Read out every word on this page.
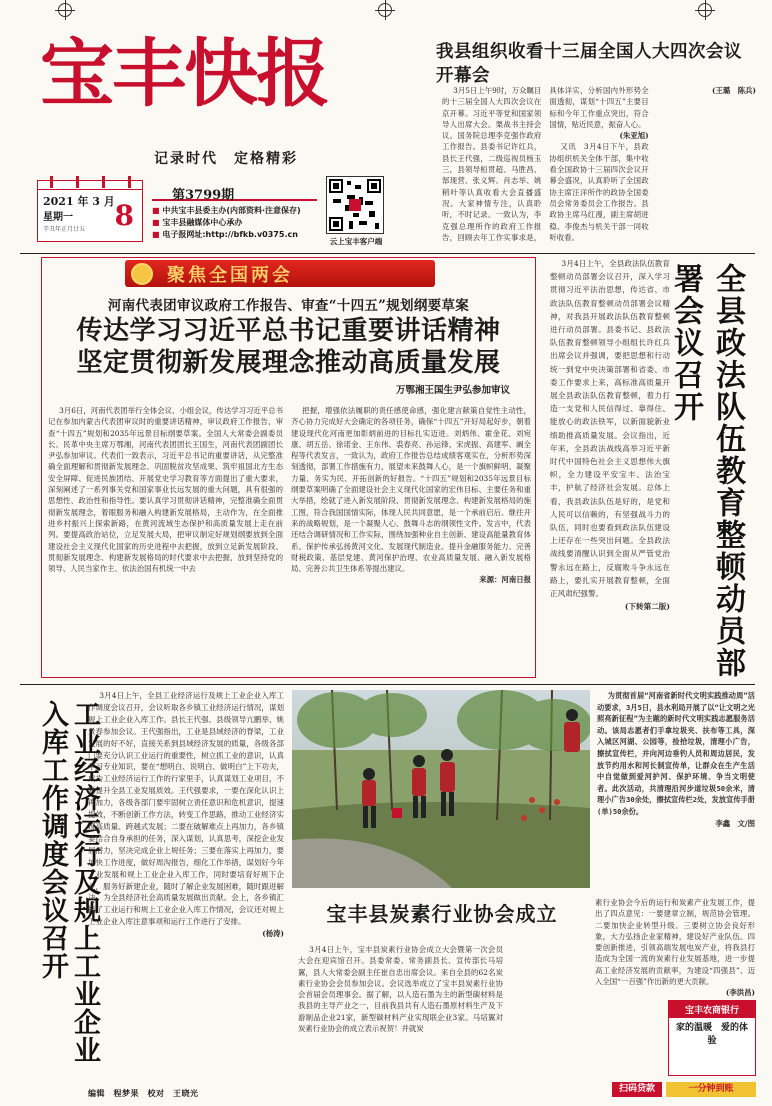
宝丰快报
记录时代　定格精彩
2021 年 3 月
星期一
辛丑年正月廿五 8
第3799期
■ 中共宝丰县委主办(内部资料·注意保存)
■ 宝丰县融媒体中心承办
■ 电子报网址:http://bfkb.v0375.cn
云上宝丰客户端
我县组织收看十三届全国人大四次会议开幕会

3月5日上午9时，万众瞩目的十三届全国人大四次会议在京开幕。习近平等党和国家领导人出席大会。栗战书主持会议。国务院总理李克强作政府工作报告。县委书记许红兵，县长王代强，二级巡视员杨玉三，县领导桓贯超、马胜昌、郜现营、张义辉、肖志举、姚稍叶等认真收看大会直播盛况。大家神情专注，认真聆听，不时记录。一致认为，李克强总理所作的政府工作报告，回顾去年工作实事求是，具体详实，分析国内外形势全面透彻，谋划“十四五”主要目标和今年工作重点突出，符合国情，贴近民意，振奋人心。

(朱亚旭)

又讯　3月4日下午，县政协组织机关全体干部，集中收看全国政协十三届四次会议开幕会盛况，认真聆听了全国政协主席汪洋所作的政协全国委员会常务委员会工作报告。县政协主席马红漫，副主席胡进稳、李俊杰与机关干部一同收听收看。

(王璐　陈兵)

聚焦全国两会
河南代表团审议政府工作报告、审查“十四五”规划纲要草案
传达学习习近平总书记重要讲话精神
坚定贯彻新发展理念推动高质量发展
万鄂湘王国生尹弘参加审议

3月6日，河南代表团举行全体会议、小组会议，传达学习习近平总书记在参加内蒙古代表团审议时的重要讲话精神，审议政府工作报告，审查“十四五”规划和2035年远景目标纲要草案。全国人大常委会副委员长、民革中央主席万鄂湘，河南代表团团长王国生，河南代表团副团长尹弘参加审议。代表们一致表示，习近平总书记的重要讲话，从完整准确全面理解和贯彻新发展理念、巩固脱贫攻坚成果、筑牢祖国北方生态安全屏障、促进民族团结、开展党史学习教育等方面提出了重大要求，深刻阐述了一系列事关党和国家事业长远发展的重大问题，具有很强的思想性、政治性和指导性。要认真学习贯彻讲话精神，完整准确全面贯彻新发展理念，着眼服务和融入构建新发展格局，主动作为，在全面推进乡村振兴上探索新路，在黄河流域生态保护和高质量发展上走在前列。要提高政治站位，立足发展大局，把审议制定好规划纲要放到全面建设社会主义现代化国家的历史进程中去把握，放到立足新发展阶段、贯彻新发展理念、构建新发展格局的时代要求中去把握，放到坚持党的领导、人民当家作主、依法治国有机统一中去

把握，增强依法履职的责任感使命感，强化建言献策自觉性主动性，齐心协力完成好大会确定的各项任务，确保“十四五”开好局起好步，朝着建设现代化河南更加彰炳前进的目标扎实迈进。刘炳伟、霍金花、刘宛康、胡五岳、徐诺金、王东伟、裘春亮、孙运锋、宋虎振、高建军、阚全程等代表发言，一致认为，政府工作报告总结成绩客观实在，分析形势深刻透彻，部署工作措施有力，展望未来鼓舞人心，是一个旗帜鲜明、凝聚力量、务实为民、开拓创新的好报告。“十四五”规划和2035年远景目标纲要草案明确了全面建设社会主义现代化国家的宏伟目标、主要任务和重大举措，绘就了进入新发展阶段、贯彻新发展理念、构建新发展格局的施工图，符合我国国情实际，体现人民共同意愿，是一个承前启后、继往开来的战略规划，是一个凝聚人心、鼓舞斗志的纲领性文件。发言中，代表还结合调研情况和工作实际，围绕加强种业自主创新、建设高能量教育体系、保护传承弘扬黄河文化、发展现代制造业、提升金融服务能力、完善财税政策、基层党建、黄河保护治理、农业高质量发展、融入新发展格局、完善公共卫生体系等提出建议。

来源：河南日报	全县政法队伍教育整顿动员部署会议召开

3月4日上午，全县政法队伍教育整顿动员部署会议召开，深入学习贯彻习近平法治思想，传达省、市政法队伍教育整顿动员部署会议精神，对我县开展政法队伍教育整顿进行动员部署。县委书记、县政法队伍教育整顿领导小组组长许红兵出席会议并强调，要把思想和行动统一到党中央决策部署和省委、市委工作要求上来，高标准高质量开展全县政法队伍教育整顿，着力打造一支党和人民信得过、靠得住、能放心的政法铁军，以新面貌新业绩助推高质量发展。会议指出，近年来，全县政法战线高举习近平新时代中国特色社会主义思想伟大旗帜，全力建设平安宝丰、法治宝丰，护航了经济社会发展。总体上看，我县政法队伍是好的，是党和人民可以信赖的，有坚强战斗力的队伍，同时也要看到政法队伍建设上还存在一些突出问题。全县政法战线要清醒认识到全面从严管党治警永远在路上，反腐败斗争永远在路上，要扎实开展教育整顿，全面正风肃纪强警。

(下转第二版)

工业经济运行及规上工业企业入库工作调度会议召开

3月4日上午，全县工业经济运行及规上工业企业入库工作调度会议召开，会议听取各乡镇工业经济运行情况，谋划规上工业企业入库工作。县长王代强、县级领导亢鹏举、姚景春参加会议。王代强指出，工业是县域经济的脊梁，工业发展的好不好，直接关系到县域经济发展的质量，各级各部门要充分认识工业运行的重要性，树立抓工业的意识，认真学习专业知识，要在“想明白、说明白、做明白”上下功夫，成为工业经济运行工作的行家里手，认真谋划工业项目，不断提升全县工业发展质效。王代强要求，一要在深化认识上再加力，各级各部门要牢固树立责任意识和危机意识，提速提效，不断创新工作方法，转变工作思路，推动工业经济实现高质量、跨越式发展；二要在破解难点上再加力，各乡镇要结合自身承担的任务，深入谋划，认真思考，深挖企业发展潜力，坚决完成企业上规任务；三要在落实上再加力，要加快工作进度，做好周沟报告，细化工作举措，谋划好今年工业发展和规上工业企业入库工作，同时要培育好规下企业，服务好新建企业，随时了解企业发展困难，随时跟进解决，为全县经济社会高质量发展做出贡献。会上，各乡镇汇报了工业运行和规上工业企业入库工作情况，会议还对规上工业企业入库注意事项和运行工作进行了安排。

(杨涛)

为贯彻首届“河南省新时代文明实践推动周”活动要求，3月5日，县水利局开展了以“让文明之光照亮新征程”为主题的新时代文明实践志愿服务活动。该局志愿者们手拿垃圾夹、扶布等工具，深入城区河湖、公园等，捡拾垃圾，清理小广告，擦拭宣传栏，并向河边垂钓人员和周边居民，发放节约用水和河长制宣传单，让群众在生产生活中自觉做到爱河护河、保护环境、争当文明使者。此次活动，共清理沿河步道垃圾50余米，清理小广告30余处，擦拭宣传栏2处，发放宣传手册(单)50余份。

李鑫　文/图

宝丰县炭素行业协会成立

3月4日上午，宝丰县炭素行业协会成立大会暨第一次会员大会在迎宾馆召开。县委常委、常务副县长、宣传部长马培翼，县人大常委会副主任崔自忠出席会议。来自全县的62名炭素行业协会会员参加会议。会议选举成立了宝丰县炭素行业协会首届会员理事会。据了解，以人造石墨为主的新型碳材料是我县的主导产业之一，目前我县共有人造石墨原材料生产及下游制品企业21家，新型碳材料产业实现联企业3家。马培翼对炭素行业协会的成立表示祝贺！并就炭

素行业协会今后的运行和炭素产业发展工作，提出了四点意见：一要建章立制，规范协会管理。二要加快企业转型升级。三要树立协会良好形象，大力弘扬企业家精神，建设好产业队伍。四要创新推进，引领高端发展电炭产业，将我县打造成为全国一流的炭素行业发展基地，进一步提高工业经济发展的贡献率，为建设“四强县”、迈入全国“一百强”作出新的更大贡献。

(李洪昌)

宝丰农商银行
家的温暖　爱的体验
扫码贷款	一分钟到账
编辑　程梦果　校对　王晓光
